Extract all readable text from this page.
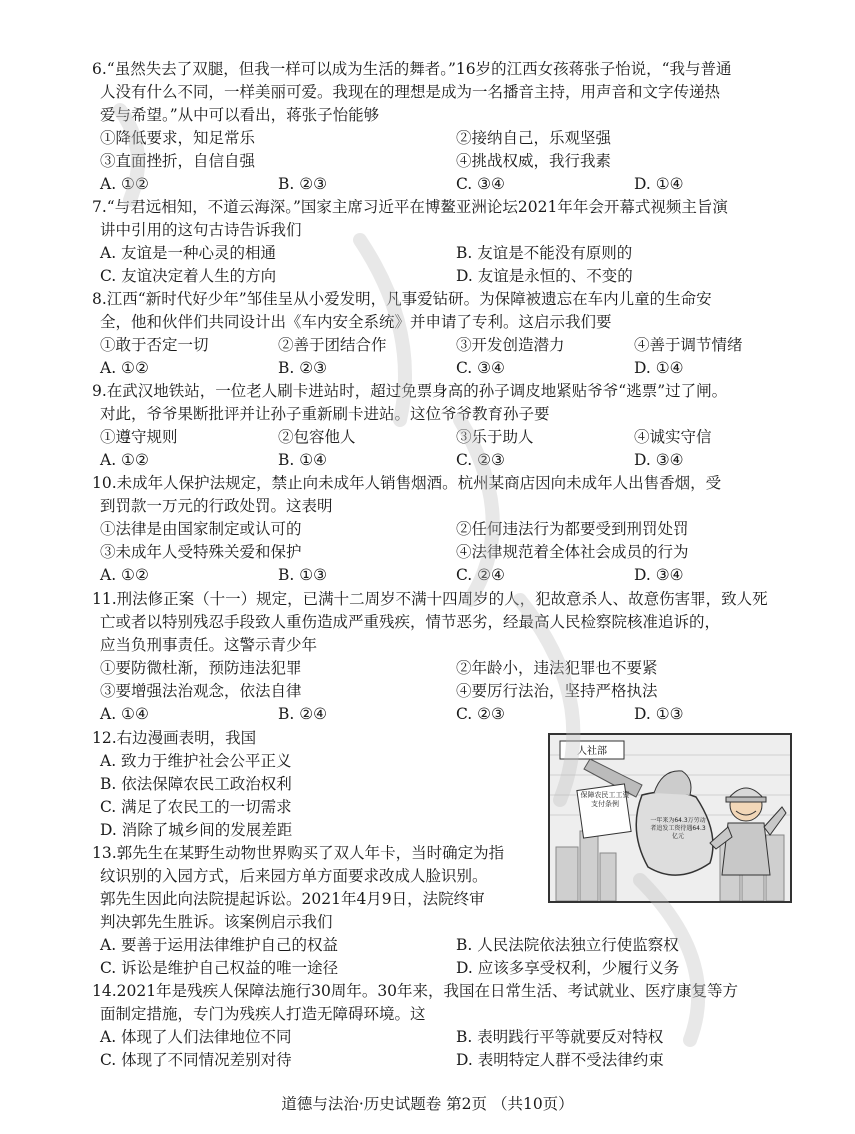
6.“虽然失去了双腿，但我一样可以成为生活的舞者。”16岁的江西女孩蒋张子怡说，“我与普通

人没有什么不同，一样美丽可爱。我现在的理想是成为一名播音主持，用声音和文字传递热

爱与希望。”从中可以看出，蒋张子怡能够

①降低要求，知足常乐	②接纳自己，乐观坚强
③直面挫折，自信自强	④挑战权威，我行我素
A. ①②	B. ②③	C. ③④	D. ①④

7.“与君远相知，不道云海深。”国家主席习近平在博鳌亚洲论坛2021年年会开幕式视频主旨演

讲中引用的这句古诗告诉我们

A. 友谊是一种心灵的相通	B. 友谊是不能没有原则的
C. 友谊决定着人生的方向	D. 友谊是永恒的、不变的

8.江西“新时代好少年”邹佳呈从小爱发明，凡事爱钻研。为保障被遗忘在车内儿童的生命安

全，他和伙伴们共同设计出《车内安全系统》并申请了专利。这启示我们要

①敢于否定一切	②善于团结合作	③开发创造潜力	④善于调节情绪
A. ①②	B. ②③	C. ③④	D. ①④

9.在武汉地铁站，一位老人刷卡进站时，超过免票身高的孙子调皮地紧贴爷爷“逃票”过了闸。

对此，爷爷果断批评并让孙子重新刷卡进站。这位爷爷教育孙子要

①遵守规则	②包容他人	③乐于助人	④诚实守信
A. ①②	B. ①④	C. ②③	D. ③④

10.未成年人保护法规定，禁止向未成年人销售烟酒。杭州某商店因向未成年人出售香烟，受

到罚款一万元的行政处罚。这表明

①法律是由国家制定或认可的	②任何违法行为都要受到刑罚处罚
③未成年人受特殊关爱和保护	④法律规范着全体社会成员的行为
A. ①②	B. ①③	C. ②④	D. ③④

11.刑法修正案（十一）规定，已满十二周岁不满十四周岁的人，犯故意杀人、故意伤害罪，致人死

亡或者以特别残忍手段致人重伤造成严重残疾，情节恶劣，经最高人民检察院核准追诉的，

应当负刑事责任。这警示青少年

①要防微杜渐，预防违法犯罪	②年龄小，违法犯罪也不要紧
③要增强法治观念，依法自律	④要厉行法治，坚持严格执法
A. ①④	B. ②④	C. ②③	D. ①③

12.右边漫画表明，我国

A. 致力于维护社会公平正义
B. 依法保障农民工政治权利
C. 满足了农民工的一切需求
D. 消除了城乡间的发展差距
人社部
保障农民工工资支付条例
一年来为64.3万劳动者追发工资待遇64.3亿元

13.郭先生在某野生动物世界购买了双人年卡，当时确定为指

纹识别的入园方式，后来园方单方面要求改成人脸识别。

郭先生因此向法院提起诉讼。2021年4月9日，法院终审

判决郭先生胜诉。该案例启示我们

A. 要善于运用法律维护自己的权益	B. 人民法院依法独立行使监察权
C. 诉讼是维护自己权益的唯一途径	D. 应该多享受权利，少履行义务

14.2021年是残疾人保障法施行30周年。30年来，我国在日常生活、考试就业、医疗康复等方

面制定措施，专门为残疾人打造无障碍环境。这

A. 体现了人们法律地位不同	B. 表明践行平等就要反对特权
C. 体现了不同情况差别对待	D. 表明特定人群不受法律约束
道德与法治·历史试题卷 第2页 （共10页）
